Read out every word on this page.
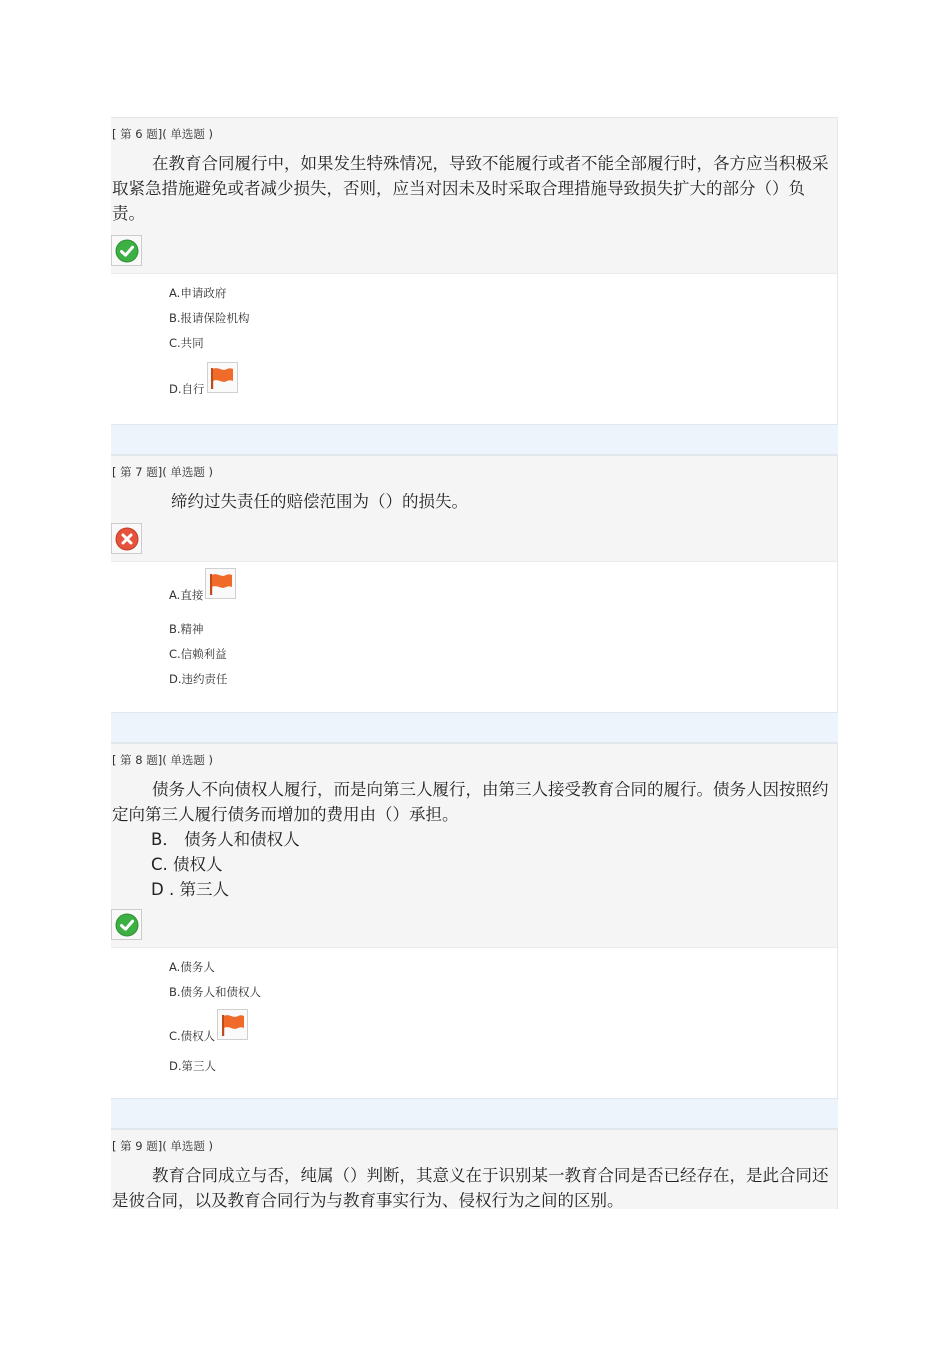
[ 第 6 题]( 单选题 )

在教育合同履行中，如果发生特殊情况，导致不能履行或者不能全部履行时，各方应当积极采取紧急措施避免或者减少损失，否则，应当对因未及时采取合理措施导致损失扩大的部分（）负责。

A.申请政府
B.报请保险机构
C.共同
D.自行
[ 第 7 题]( 单选题 )

缔约过失责任的赔偿范围为（）的损失。

A.直接
B.精神
C.信赖利益
D.违约责任
[ 第 8 题]( 单选题 )

债务人不向债权人履行，而是向第三人履行，由第三人接受教育合同的履行。债务人因按照约定向第三人履行债务而增加的费用由（）承担。

B． 债务人和债权人
C. 债权人
D . 第三人
A.债务人
B.债务人和债权人
C.债权人
D.第三人
[ 第 9 题]( 单选题 )

教育合同成立与否，纯属（）判断，其意义在于识别某一教育合同是否已经存在，是此合同还是彼合同，以及教育合同行为与教育事实行为、侵权行为之间的区别。
